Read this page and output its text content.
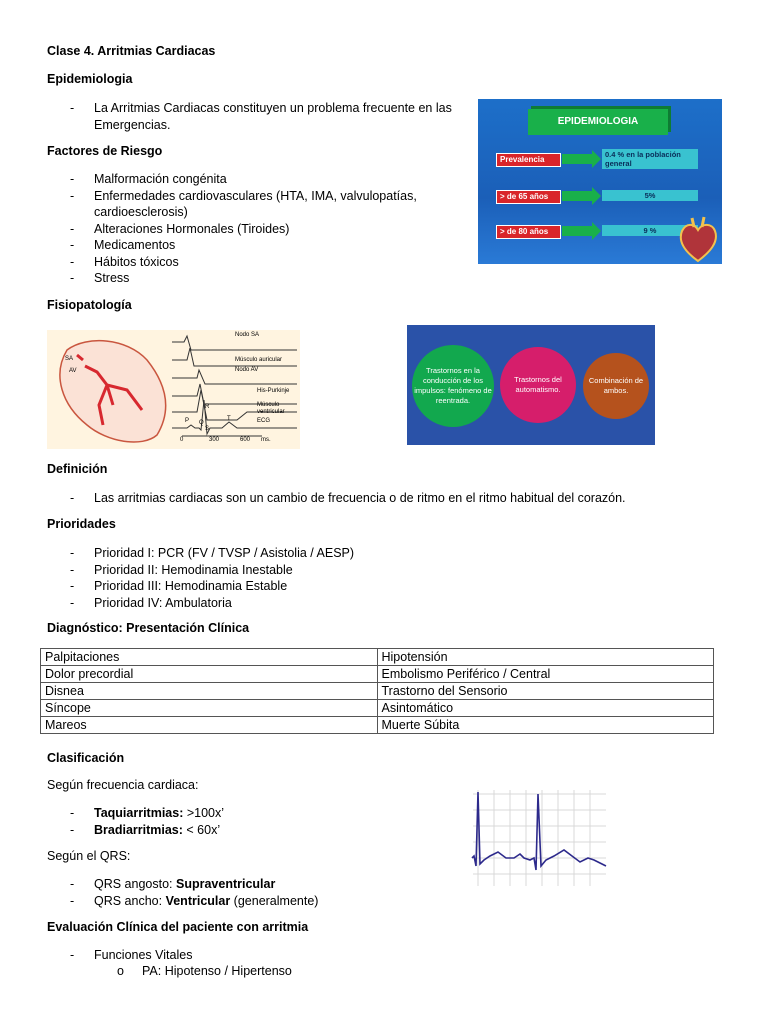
Clase 4. Arritmias Cardiacas
Epidemiologia
- La Arritmias Cardiacas constituyen un problema frecuente en las Emergencias.	EPIDEMIOLOGIA
Prevalencia
0.4 % en la población general
> de 65 años	5%
> de 80 años	9 %
Factores de Riesgo
- Malformación congénita
- Enfermedades cardiovasculares (HTA, IMA, valvulopatías, cardioesclerosis)
- Alteraciones Hormonales (Tiroides)
- Medicamentos
- Hábitos tóxicos
- Stress
Fisiopatología
SA
AV
Nodo SA
Músculo auricular
Nodo AV
His-Purkinje
Músculo ventricular
ECG
P Q
R
S
T
0	300	600 ms.
Trastornos en la conducción de los impulsos: fenómeno de reentrada.
Trastornos del automatismo.
Combinación de ambos.
Definición
- Las arritmias cardiacas son un cambio de frecuencia o de ritmo en el ritmo habitual del corazón.
Prioridades
- Prioridad I: PCR (FV / TVSP / Asistolia / AESP)
- Prioridad II: Hemodinamia Inestable
- Prioridad III: Hemodinamia Estable
- Prioridad IV: Ambulatoria
Diagnóstico: Presentación Clínica
Palpitaciones	Hipotensión
Dolor precordial	Embolismo Periférico / Central
Disnea	Trastorno del Sensorio
Síncope	Asintomático
Mareos	Muerte Súbita
Clasificación
Según frecuencia cardiaca:
- Taquiarritmias: >100x’
- Bradiarritmias: < 60x’
Según el QRS:
- QRS angosto: Supraventricular
- QRS ancho: Ventricular (generalmente)
Evaluación Clínica del paciente con arritmia
- Funciones Vitales
o PA: Hipotenso / Hipertenso
